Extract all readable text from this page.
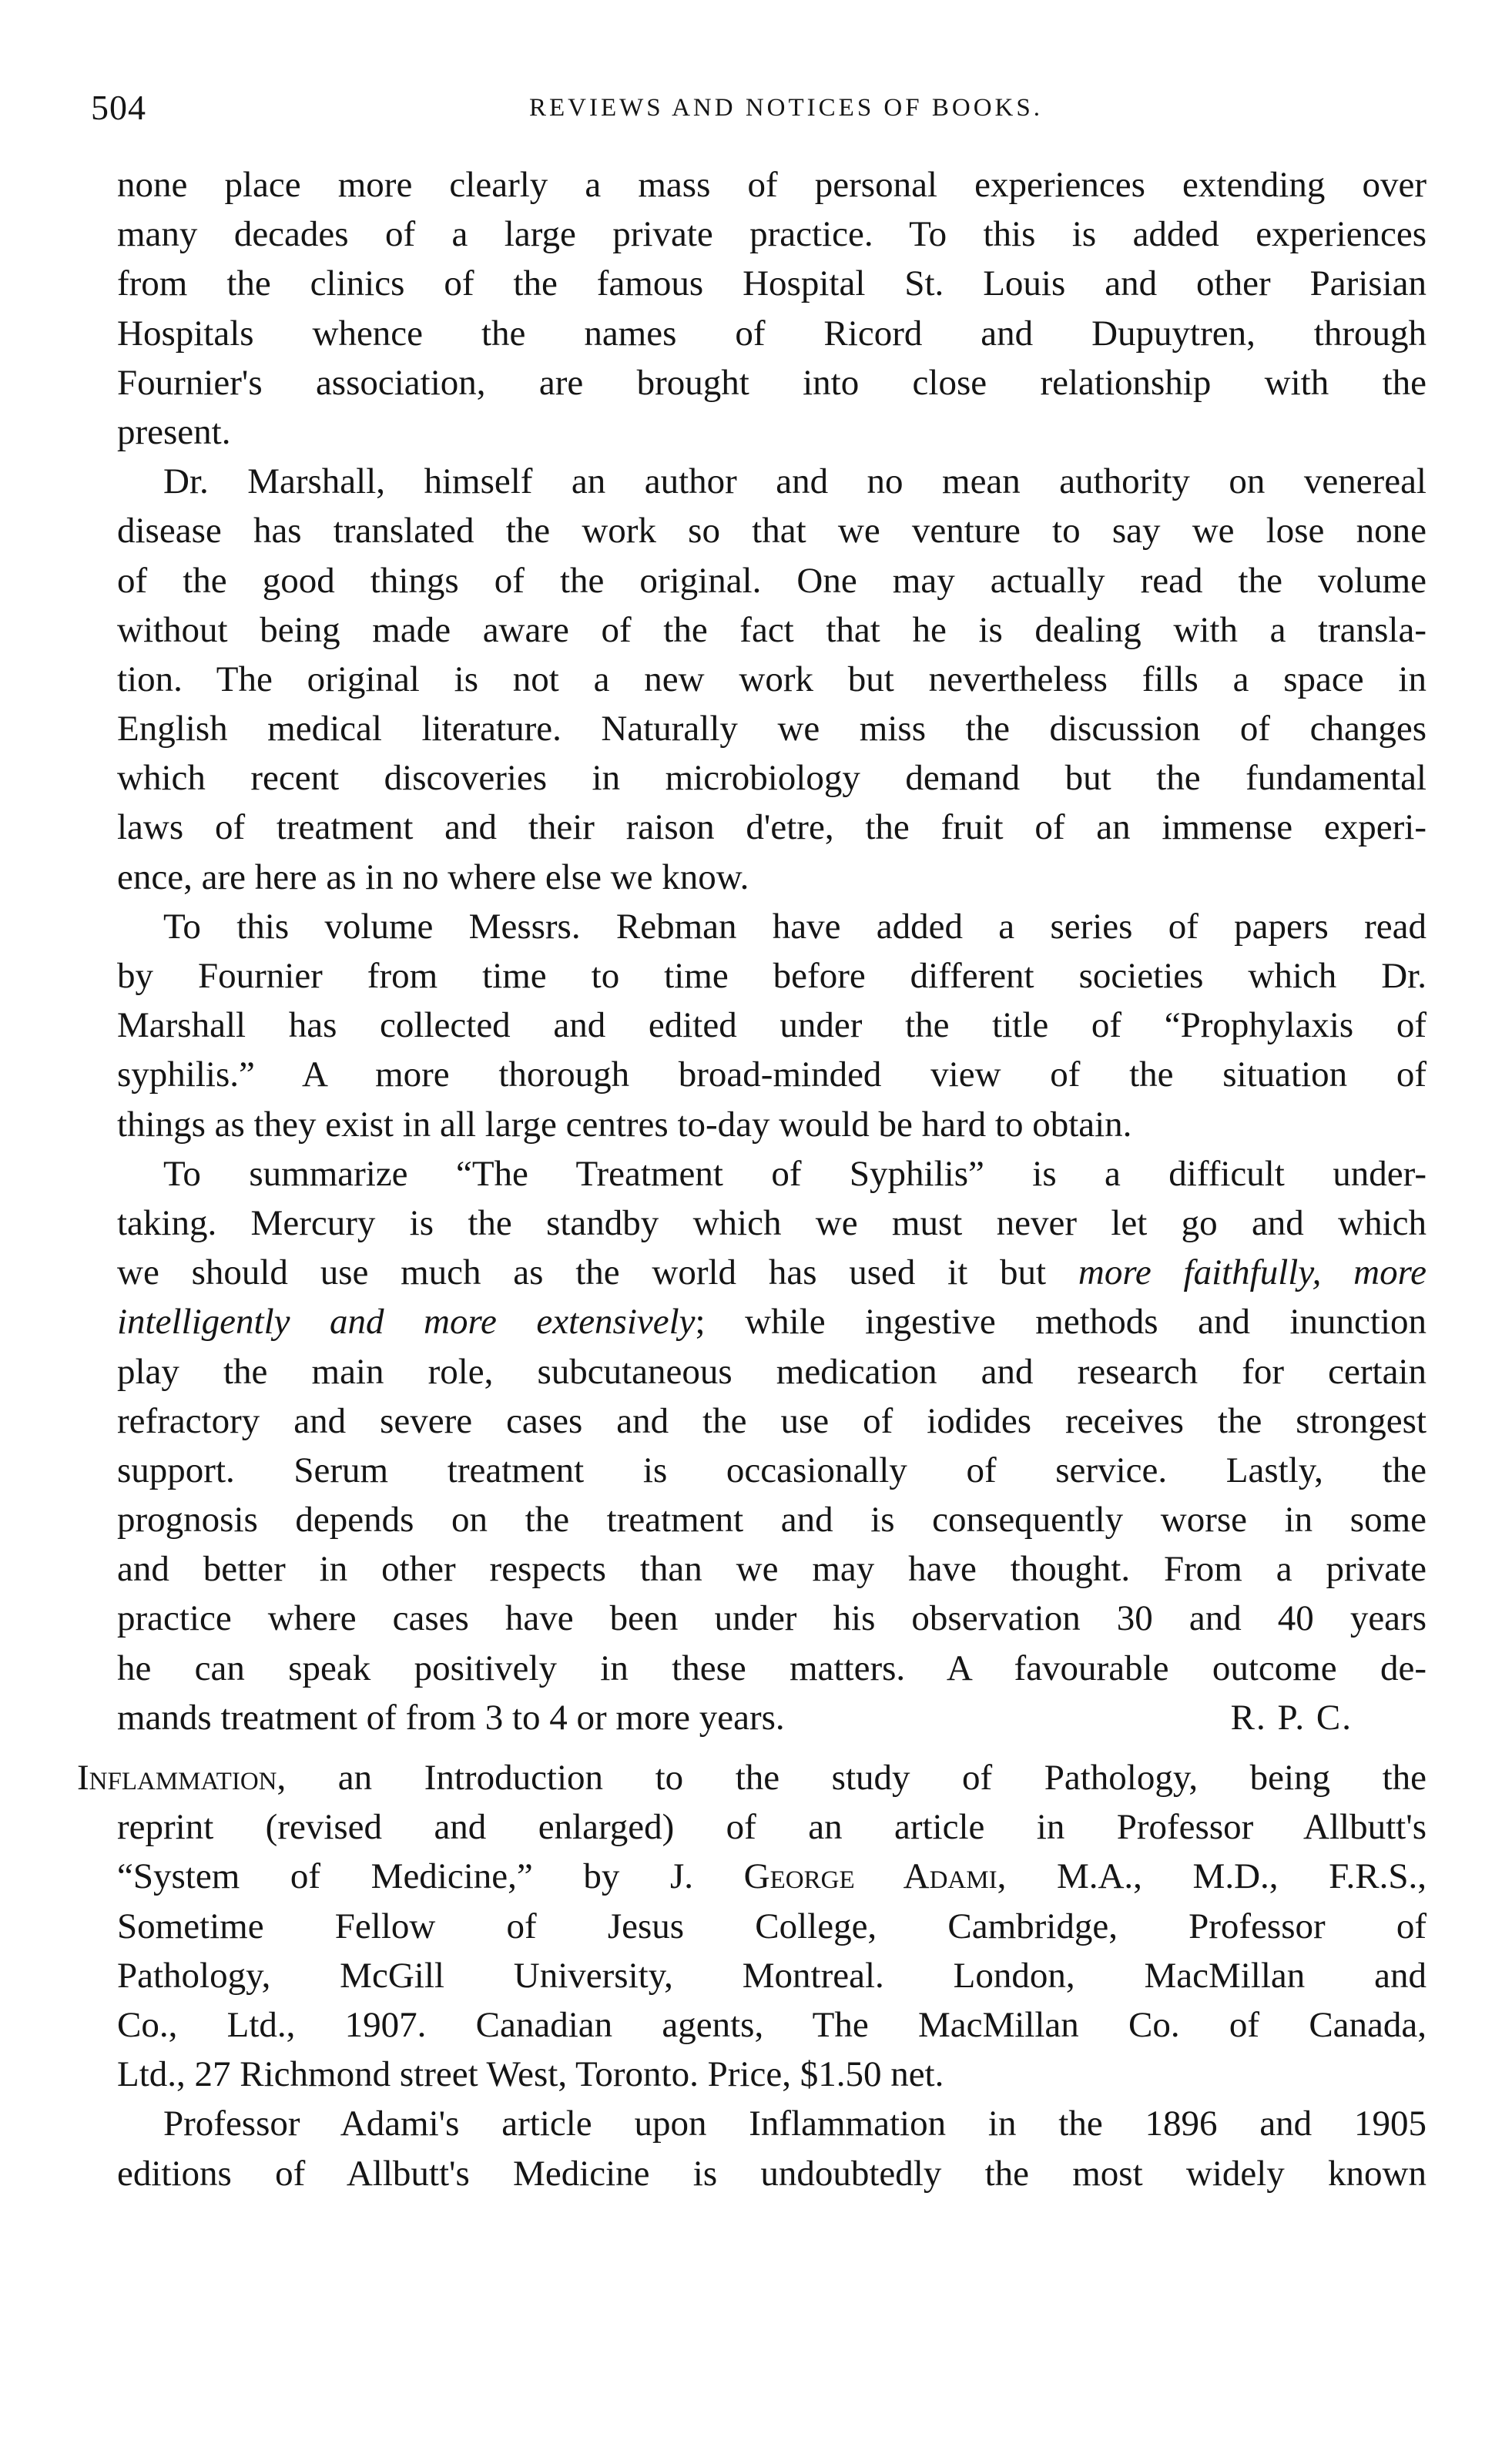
504	REVIEWS AND NOTICES OF BOOKS.
none place more clearly a mass of personal experiences extending over
many decades of a large private practice. To this is added experiences
from the clinics of the famous Hospital St. Louis and other Parisian
Hospitals whence the names of Ricord and Dupuytren, through
Fournier's association, are brought into close relationship with the
present.
Dr. Marshall, himself an author and no mean authority on venereal
disease has translated the work so that we venture to say we lose none
of the good things of the original. One may actually read the volume
without being made aware of the fact that he is dealing with a transla-
tion. The original is not a new work but nevertheless fills a space in
English medical literature. Naturally we miss the discussion of changes
which recent discoveries in microbiology demand but the fundamental
laws of treatment and their raison d'etre, the fruit of an immense experi-
ence, are here as in no where else we know.
To this volume Messrs. Rebman have added a series of papers read
by Fournier from time to time before different societies which Dr.
Marshall has collected and edited under the title of “Prophylaxis of
syphilis.” A more thorough broad-minded view of the situation of
things as they exist in all large centres to-day would be hard to obtain.
To summarize “The Treatment of Syphilis” is a difficult under-
taking. Mercury is the standby which we must never let go and which
we should use much as the world has used it but more faithfully, more
intelligently and more extensively; while ingestive methods and inunction
play the main role, subcutaneous medication and research for certain
refractory and severe cases and the use of iodides receives the strongest
support. Serum treatment is occasionally of service. Lastly, the
prognosis depends on the treatment and is consequently worse in some
and better in other respects than we may have thought. From a private
practice where cases have been under his observation 30 and 40 years
he can speak positively in these matters. A favourable outcome de-
mands treatment of from 3 to 4 or more years.	R. P. C.
Inflammation, an Introduction to the study of Pathology, being the
reprint (revised and enlarged) of an article in Professor Allbutt's
“System of Medicine,” by J. George Adami, M.A., M.D., F.R.S.,
Sometime Fellow of Jesus College, Cambridge, Professor of
Pathology, McGill University, Montreal. London, MacMillan and
Co., Ltd., 1907. Canadian agents, The MacMillan Co. of Canada,
Ltd., 27 Richmond street West, Toronto. Price, $1.50 net.
Professor Adami's article upon Inflammation in the 1896 and 1905
editions of Allbutt's Medicine is undoubtedly the most widely known
